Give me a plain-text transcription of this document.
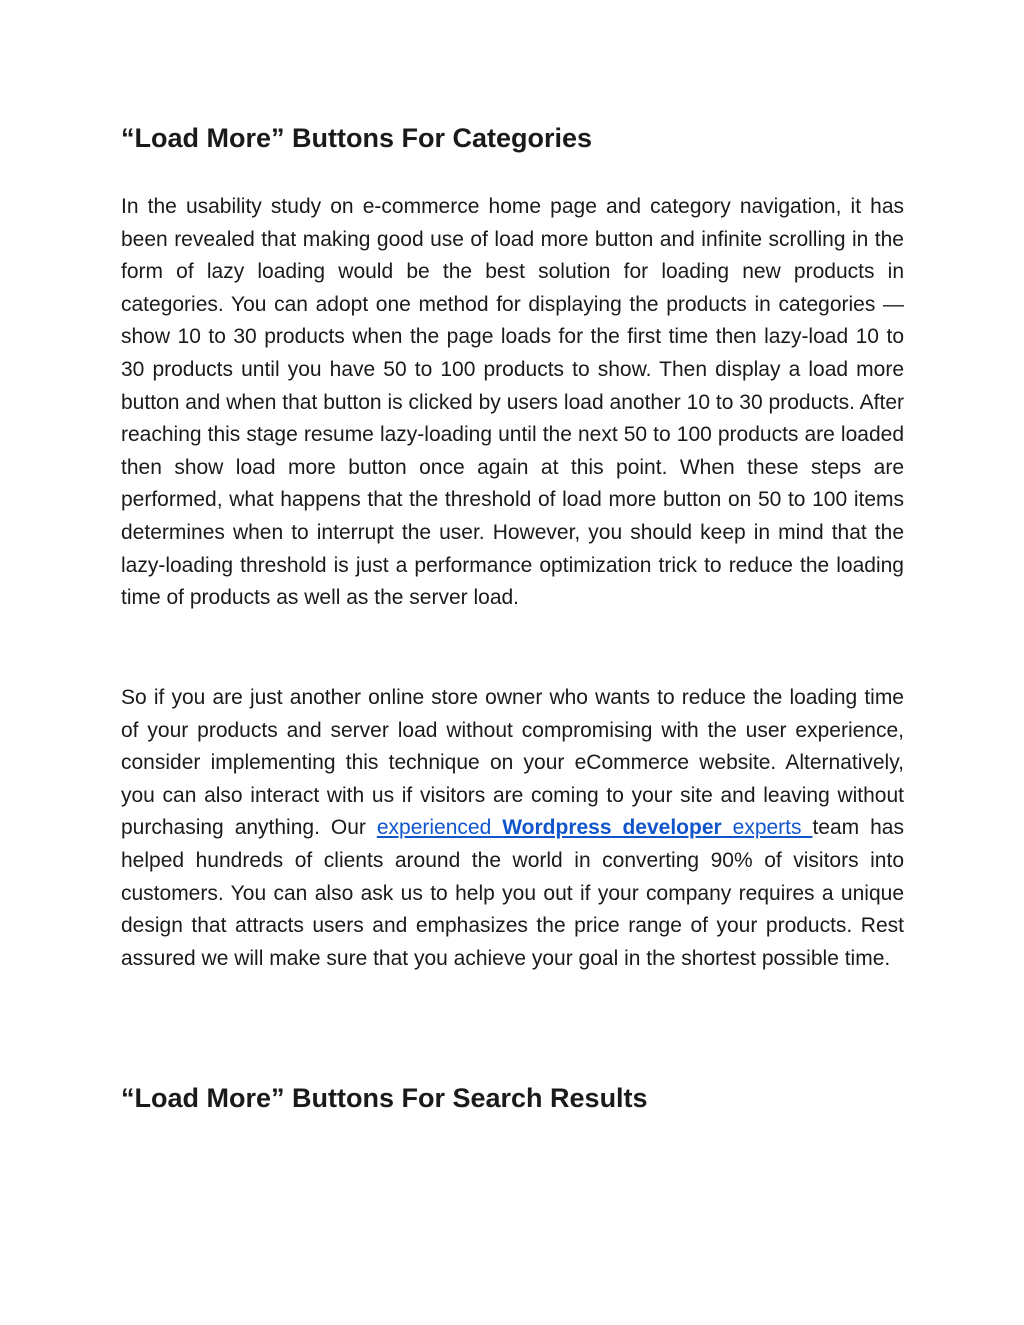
“Load More” Buttons For Categories

In the usability study on e-commerce home page and category navigation, it has been revealed that making good use of load more button and infinite scrolling in the form of lazy loading would be the best solution for loading new products in categories. You can adopt one method for displaying the products in categories — show 10 to 30 products when the page loads for the first time then lazy-load 10 to 30 products until you have 50 to 100 products to show. Then display a load more button and when that button is clicked by users load another 10 to 30 products. After reaching this stage resume lazy-loading until the next 50 to 100 products are loaded then show load more button once again at this point. When these steps are performed, what happens that the threshold of load more button on 50 to 100 items determines when to interrupt the user. However, you should keep in mind that the lazy-loading threshold is just a performance optimization trick to reduce the loading time of products as well as the server load.

So if you are just another online store owner who wants to reduce the loading time of your products and server load without compromising with the user experience, consider implementing this technique on your eCommerce website. Alternatively, you can also interact with us if visitors are coming to your site and leaving without purchasing anything. Our experienced Wordpress developer experts team has helped hundreds of clients around the world in converting 90% of visitors into customers. You can also ask us to help you out if your company requires a unique design that attracts users and emphasizes the price range of your products. Rest assured we will make sure that you achieve your goal in the shortest possible time.

“Load More” Buttons For Search Results
